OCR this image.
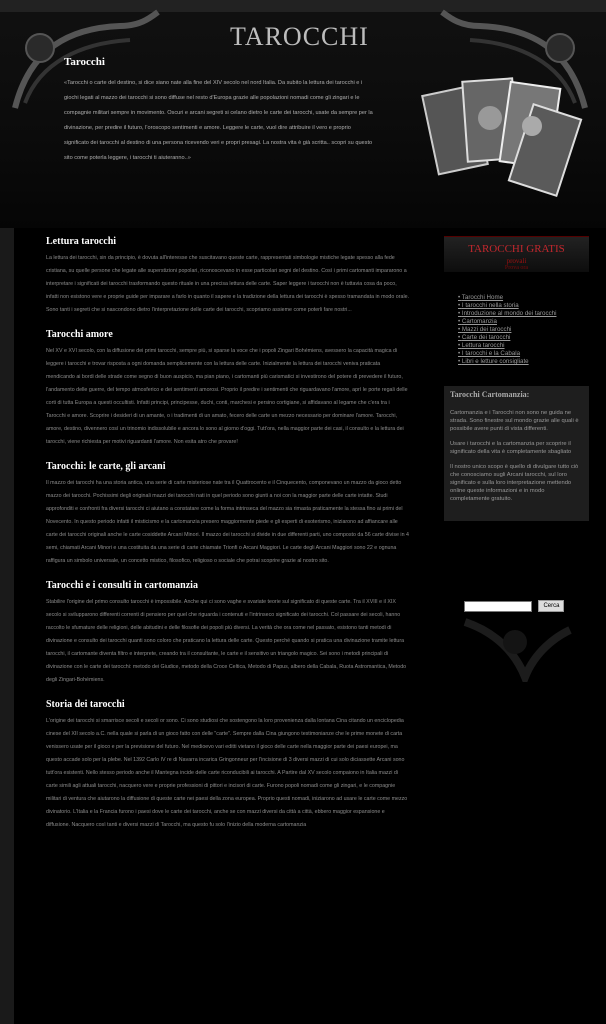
TAROCCHI
Tarocchi

«Tarocchi o carte del destino, si dice siano nate alla fine del XIV secolo nel nord Italia. Da subito la lettura dei tarocchi e i giochi legati al mazzo dei tarocchi si sono diffuse nel resto d'Europa grazie alle popolazioni nomadi come gli zingari e le compagnie militari sempre in movimento. Oscuri e arcani segreti si celano dietro le carte dei tarocchi, usate da sempre per la divinazione, per predire il futuro, l'oroscopo sentimenti e amore. Leggere le carte, vuol dire attribuire il vero e proprio significato dei tarocchi al destino di una persona ricevendo veri e propri presagi. La nostra vita è già scritta.. scopri su questo sito come poterla leggere, i tarocchi ti aiuteranno..»

Lettura tarocchi

La lettura dei tarocchi, sin da principio, è dovuta all'interesse che suscitavano queste carte, rappresentati simbologie mistiche legate spesso alla fede cristiana, su quelle persone che legate alle superstizioni popolari, riconoscevano in esse particolari segni del destino. Così i primi cartomanti impararono a interpretare i significati dei tarocchi trasformando questo rituale in una precisa lettura delle carte. Saper leggere i tarocchi non è tuttavia cosa da poco, infatti non esistono vere e proprie guide per imparare a farlo in quanto il sapere e la tradizione della lettura dei tarocchi è spesso tramandata in modo orale. Sono tanti i segreti che si nascondono dietro l'interpretazione delle carte dei tarocchi, scopriamo assieme come poterli fare nostri...

Tarocchi amore

Nel XV e XVI secolo, con la diffusione dei primi tarocchi, sempre più, si sparse la voce che i popoli Zingari Bohémiens, avessero la capacità magica di leggere i tarocchi e trovar risposta a ogni domanda semplicemente con la lettura delle carte. Inizialmente la lettura dei tarocchi veniva praticata mendicando ai bordi delle strade come segno di buon auspicio, ma pian piano, i cartomanti più carismatici si investirono del potere di prevedere il futuro, l'andamento delle guerre, del tempo atmosferico e dei sentimenti amorosi. Proprio il predire i sentimenti che riguardavano l'amore, aprì le porte regali delle corti di tutta Europa a questi occultisti. Infatti principi, principesse, duchi, conti, marchesi e persino cortigiane, si affidavano al legame che c'era tra i Tarocchi e amore. Scoprire i desideri di un amante, o i tradimenti di un amato, fecero delle carte un mezzo necessario per dominare l'amore. Tarocchi, amore, destino, divennero così un trinomio indissolubile e ancora lo sono al giorno d'oggi. Tutt'ora, nella maggior parte dei casi, il consulto e la lettura dei tarocchi, viene richiesta per motivi riguardanti l'amore. Non esita atro che provare!

Tarocchi: le carte, gli arcani

Il mazzo dei tarocchi ha una storia antica, una serie di carte misteriose nate tra il Quattrocento e il Cinquecento, componevano un mazzo da gioco detto mazzo dei tarocchi. Pochissimi degli originali mazzi dei tarocchi nati in quel periodo sono giunti a noi con la maggior parte delle carte intatte. Studi approfonditi e confronti fra diversi tarocchi ci aiutano a constatare come la forma intrinseca del mazzo sia rimasta praticamente la stessa fino ai primi del Novecento. In questo periodo infatti il misticismo e la cartomanzia presero maggiormente piede e gli esperti di esoterismo, iniziarono ad affiancare alle carte dei tarocchi originali anche le carte cosiddette Arcani Minori. Il mazzo dei tarocchi si divide in due differenti parti, uno composto da 56 carte divise in 4 semi, chiamati Arcani Minori e una costituita da una serie di carte chiamate Trionfi o Arcani Maggiori. Le carte degli Arcani Maggiori sono 22 e ognuna raffigura un simbolo universale, un concetto mistico, filosofico, religioso o sociale che potrai scoprire grazie al nostro sito.

Tarocchi e i consulti in cartomanzia

Stabilire l'origine del primo consulto tarocchi è impossibile. Anche qui ci sono vaghe e svariate teorie sul significato di queste carte. Tra il XVIII e il XIX secolo si svilupparono differenti correnti di pensiero per quel che riguarda i contenuti e l'intrinseco significato dei tarocchi. Col passare dei secoli, hanno raccolto le sfumature delle religioni, delle abitudini e delle filosofie dei popoli più diversi. La verità che ora come nel passato, esistono tanti metodi di divinazione e consulto dei tarocchi quanti sono coloro che praticano la lettura delle carte. Questo perché quando si pratica una divinazione tramite lettura tarocchi, il cartomante diventa filtro e interprete, creando tra il consultante, le carte e il sensitivo un triangolo magico. Sei sono i metodi principali di divinazione con le carte dei tarocchi: metodo dei Giudice, metodo della Croce Celtica, Metodo di Papus, albero della Cabala, Ruota Astromantica, Metodo degli Zingari-Bohémiens.

Storia dei tarocchi

L'origine dei tarocchi si smarrisce secoli e secoli or sono. Ci sono studiosi che sostengono la loro provenienza dalla lontana Cina citando un enciclopedia cinese del XII secolo a.C. nella quale si parla di un gioco fatto con delle "carte". Sempre dalla Cina giungono testimonianze che le prime monete di carta venissero usate per il gioco e per la previsione del futuro. Nel medioevo vari editti vietano il gioco delle carte nella maggior parte dei paesi europei, ma questo accade solo per la plebe. Nel 1392 Carlo IV re di Navarra incarica Gringonneur per l'incisione di 3 diversi mazzi di cui solo diciassette Arcani sono tutt'ora esistenti. Nello stesso periodo anche il Mantegna incide delle carte riconducibili ai tarocchi. A Partire dal XV secolo compaiono in Italia mazzi di carte simili agli attuali tarocchi, nacquero vere e proprie professioni di pittori e incisori di carte. Furono popoli nomadi come gli zingari, e le compagnie militari di ventura che aiutarono la diffusione di queste carte nei paesi della zona europea. Proprio questi nomadi, iniziarono ad usare le carte come mezzo divinatorio. L'Italia e la Francia furono i paesi dove le carte dei tarocchi, anche se con mazzi diversi da città a città, ebbero maggior espansione e diffusione. Nacquero così tanti e diversi mazzi di Tarocchi, ma questo fu solo l'inizio della moderna cartomanzia

TAROCCHI GRATIS
provali
Prova ora
• Tarocchi Home
• I tarocchi nella storia
• Introduzione al mondo dei tarocchi
• Cartomanzia
• Mazzi dei tarocchi
• Carte dei tarocchi
• Lettura tarocchi
• I tarocchi e la Cabala
• Libri e letture consigliate
Tarocchi Cartomanzia:

Cartomanzia e i Tarocchi non sono ne guida ne strada. Sono finestre sul mondo grazie alle quali è possibile avere punti di vista differenti.

Usare i tarocchi e la cartomanzia per scoprire il significato della vita è completamente sbagliato

Il nostro unico scopo è quello di divulgare tutto ciò che conosciamo sugli Arcani tarocchi, sul loro significato e sulla loro interpretazione mettendo online queste informazioni e in modo completamente gratuito.

Cerca
